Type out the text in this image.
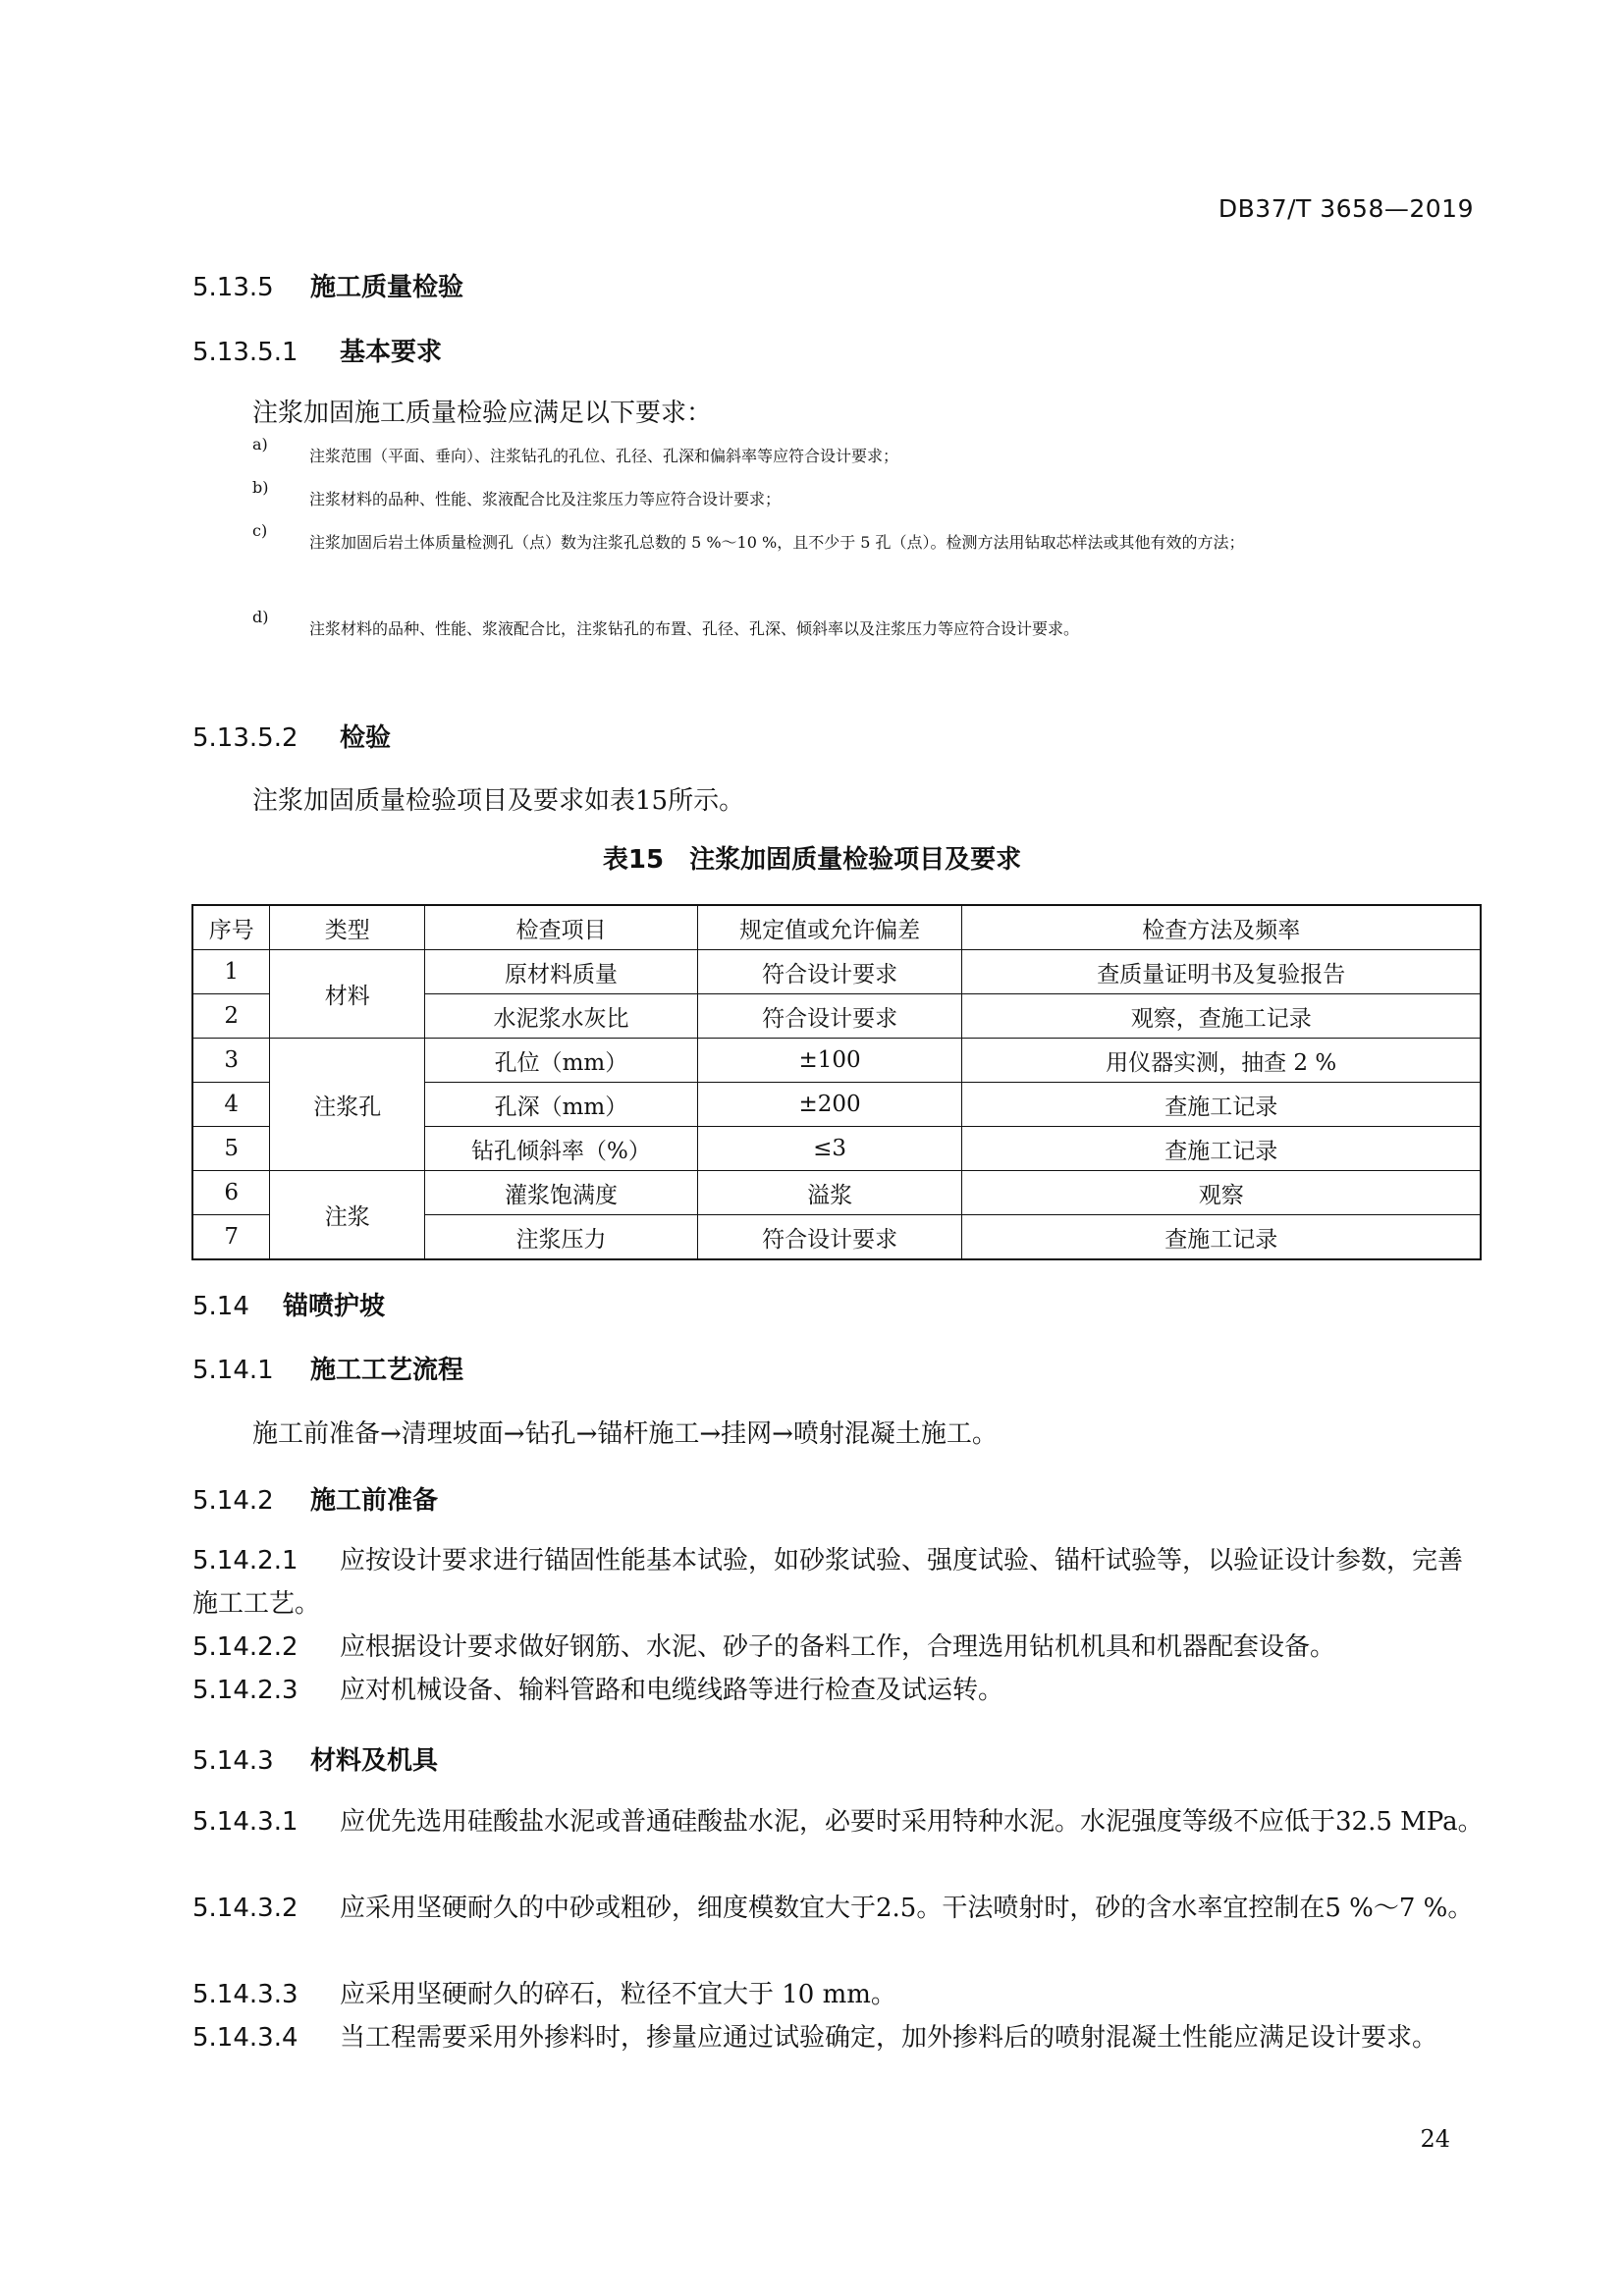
DB37/T 3658—2019
5.13.5 施工质量检验
5.13.5.1 基本要求
注浆加固施工质量检验应满足以下要求：
a)
注浆范围（平面、垂向）、注浆钻孔的孔位、孔径、孔深和偏斜率等应符合设计要求；
b)
注浆材料的品种、性能、浆液配合比及注浆压力等应符合设计要求；
c)
注浆加固后岩土体质量检测孔（点）数为注浆孔总数的 5 %～10 %，且不少于 5 孔（点）。检测方法用钻取芯样法或其他有效的方法；
d)
注浆材料的品种、性能、浆液配合比，注浆钻孔的布置、孔径、孔深、倾斜率以及注浆压力等应符合设计要求。
5.13.5.2 检验
注浆加固质量检验项目及要求如表15所示。
表15　注浆加固质量检验项目及要求
序号	类型	检查项目	规定值或允许偏差	检查方法及频率
1	材料	原材料质量	符合设计要求	查质量证明书及复验报告
2		水泥浆水灰比	符合设计要求	观察，查施工记录
3	注浆孔	孔位（mm）	±100	用仪器实测，抽查 2 %
4		孔深（mm）	±200	查施工记录
5		钻孔倾斜率（%）	≤3	查施工记录
6	注浆	灌浆饱满度	溢浆	观察
7		注浆压力	符合设计要求	查施工记录
5.14 锚喷护坡
5.14.1 施工工艺流程
施工前准备→清理坡面→钻孔→锚杆施工→挂网→喷射混凝土施工。
5.14.2 施工前准备
5.14.2.1 应按设计要求进行锚固性能基本试验，如砂浆试验、强度试验、锚杆试验等，以验证设计参数，完善施工工艺。
5.14.2.2 应根据设计要求做好钢筋、水泥、砂子的备料工作，合理选用钻机机具和机器配套设备。
5.14.2.3 应对机械设备、输料管路和电缆线路等进行检查及试运转。
5.14.3 材料及机具
5.14.3.1 应优先选用硅酸盐水泥或普通硅酸盐水泥，必要时采用特种水泥。水泥强度等级不应低于32.5 MPa。
5.14.3.2 应采用坚硬耐久的中砂或粗砂，细度模数宜大于2.5。干法喷射时，砂的含水率宜控制在5 %～7 %。
5.14.3.3 应采用坚硬耐久的碎石，粒径不宜大于 10 mm。
5.14.3.4 当工程需要采用外掺料时，掺量应通过试验确定，加外掺料后的喷射混凝土性能应满足设计要求。
24
